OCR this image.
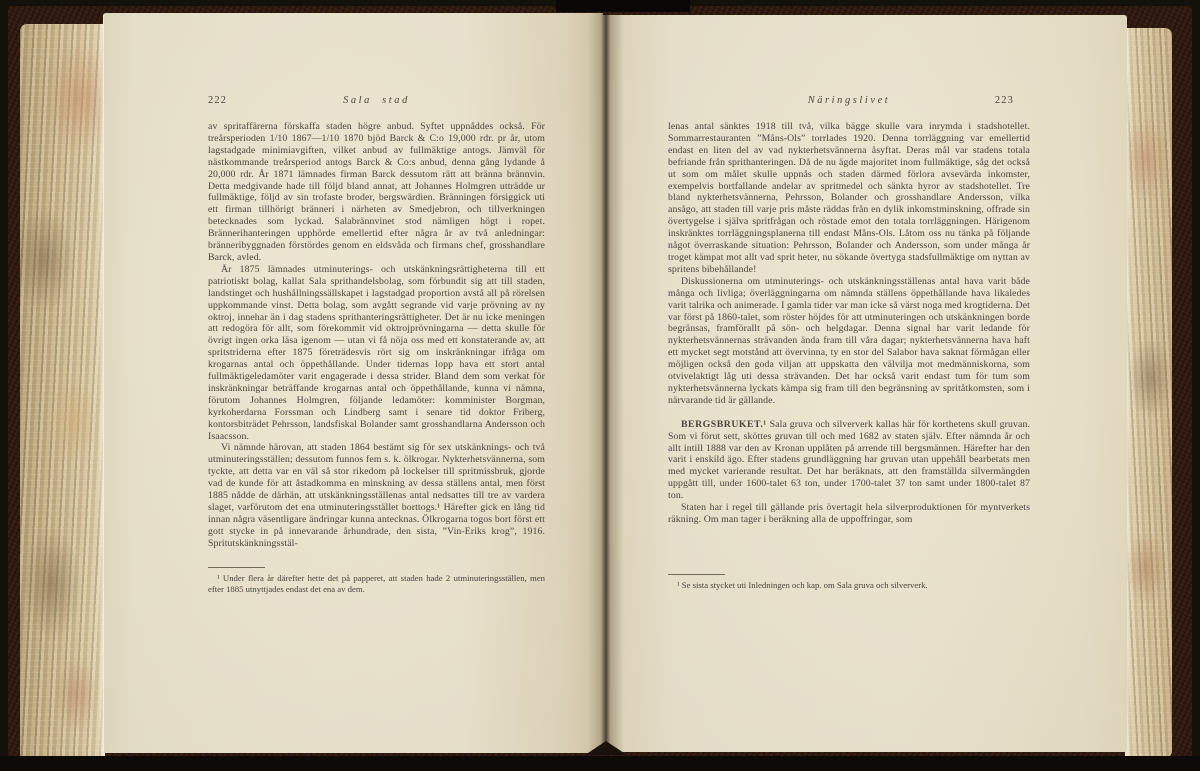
222	Sala stad

av spritaffärerna förskaffa staden högre anbud. Syftet uppnåddes också. För treårsperioden 1/10 1867—1/10 1870 bjöd Barck & C:o 19,000 rdr. pr år, utom lagstadgade minimiavgiften, vilket anbud av fullmäktige antogs. Jämväl för nästkommande treårsperiod antogs Barck & Co:s anbud, denna gång lydande å 20,000 rdr. År 1871 lämnades firman Barck dessutom rätt att bränna brännvin. Detta medgivande hade till följd bland annat, att Johannes Holmgren utträdde ur fullmäktige, följd av sin trofaste broder, bergswärdien. Bränningen försiggick uti ett firman tillhörigt bränneri i närheten av Smedjebron, och tillverkningen betecknades som lyckad. Salabrännvinet stod nämligen högt i ropet. Brännerihanteringen upphörde emellertid efter några år av två anledningar: bränneribyggnaden förstördes genom en eldsvåda och firmans chef, grosshandlare Barck, avled.

År 1875 lämnades utminuterings- och utskänkningsrättigheterna till ett patriotiskt bolag, kallat Sala sprithandelsbolag, som förbundit sig att till staden, landstinget och hushållningssällskapet i lagstadgad proportion avstå all på rörelsen uppkommande vinst. Detta bolag, som avgått segrande vid varje prövning av ny oktroj, innehar än i dag stadens sprithanteringsrättigheter. Det är nu icke meningen att redogöra för allt, som förekommit vid oktrojprövningarna — detta skulle för övrigt ingen orka läsa igenom — utan vi få nöja oss med ett konstaterande av, att spritstriderna efter 1875 företrädesvis rört sig om inskränkningar ifråga om krogarnas antal och öppethållande. Under tidernas lopp hava ett stort antal fullmäktigeledamöter varit engagerade i dessa strider. Bland dem som verkat för inskränkningar beträffande krogarnas antal och öppethållande, kunna vi nämna, förutom Johannes Holmgren, följande ledamöter: komminister Borgman, kyrkoherdarna Forssman och Lindberg samt i senare tid doktor Friberg, kontorsbiträdet Pehrsson, landsfiskal Bolander samt grosshandlarna Andersson och Isaacsson.

Vi nämnde härovan, att staden 1864 bestämt sig för sex utskänknings- och två utminuteringsställen; dessutom funnos fem s. k. ölkrogar. Nykterhetsvännerna, som tyckte, att detta var en väl så stor rikedom på lockelser till spritmissbruk, gjorde vad de kunde för att åstadkomma en minskning av dessa ställens antal, men först 1885 nådde de därhän, att utskänkningsställenas antal nedsattes till tre av vardera slaget, varförutom det ena utminuteringsstället borttogs.¹ Härefter gick en lång tid innan några väsentligare ändringar kunna antecknas. Ölkrogarna togos bort först ett gott stycke in på innevarande århundrade, den sista, ”Vin-Eriks krog”, 1916. Spritutskänkningsstäl-

¹ Under flera år därefter hette det på papperet, att staden hade 2 utminuteringsställen, men efter 1885 utnyttjades endast det ena av dem.
Näringslivet	223

lenas antal sänktes 1918 till två, vilka bägge skulle vara inrymda i stadshotellet. Sommarrestauranten ”Måns-Ols” torrlades 1920. Denna torrläggning var emellertid endast en liten del av vad nykterhetsvännerna åsyftat. Deras mål var stadens totala befriande från sprithanteringen. Då de nu ägde majoritet inom fullmäktige, såg det också ut som om målet skulle uppnås och staden därmed förlora avsevärda inkomster, exempelvis bortfallande andelar av spritmedel och sänkta hyror av stadshotellet. Tre bland nykterhetsvännerna, Pehrsson, Bolander och grosshandlare Andersson, vilka ansågo, att staden till varje pris måste räddas från en dylik inkomstminskning, offrade sin övertygelse i själva spritfrågan och röstade emot den totala torrläggningen. Härigenom inskränktes torrläggningsplanerna till endast Måns-Ols. Låtom oss nu tänka på följande något överraskande situation: Pehrsson, Bolander och Andersson, som under många år troget kämpat mot allt vad sprit heter, nu sökande övertyga stadsfullmäktige om nyttan av spritens bibehållande!

Diskussionerna om utminuterings- och utskänkningsställenas antal hava varit både många och livliga; överläggningarna om nämnda ställens öppethållande hava likaledes varit talrika och animerade. I gamla tider var man icke så värst noga med krogtiderna. Det var först på 1860-talet, som röster höjdes för att utminuteringen och utskänkningen borde begränsas, framförallt på sön- och helgdagar. Denna signal har varit ledande för nykterhetsvännernas strävanden ända fram till våra dagar; nykterhetsvännerna hava haft ett mycket segt motstånd att övervinna, ty en stor del Salabor hava saknat förmågan eller möjligen också den goda viljan att uppskatta den välvilja mot medmänniskorna, som otvivelaktigt låg uti dessa strävanden. Det har också varit endast tum för tum som nykterhetsvännerna lyckats kämpa sig fram till den begränsning av spritåtkomsten, som i närvarande tid är gällande.

BERGSBRUKET.¹ Sala gruva och silververk kallas här för korthetens skull gruvan. Som vi förut sett, sköttes gruvan till och med 1682 av staten själv. Efter nämnda år och allt intill 1888 var den av Kronan upplåten på arrende till bergsmännen. Härefter har den varit i enskild ägo. Efter stadens grundläggning har gruvan utan uppehåll bearbetats men med mycket varierande resultat. Det har beräknats, att den framställda silvermängden uppgått till, under 1600-talet 63 ton, under 1700-talet 37 ton samt under 1800-talet 87 ton.

Staten har i regel till gällande pris övertagit hela silverproduktionen för myntverkets räkning. Om man tager i beräkning alla de uppoffringar, som

¹ Se sista stycket uti Inledningen och kap. om Sala gruva och silververk.
